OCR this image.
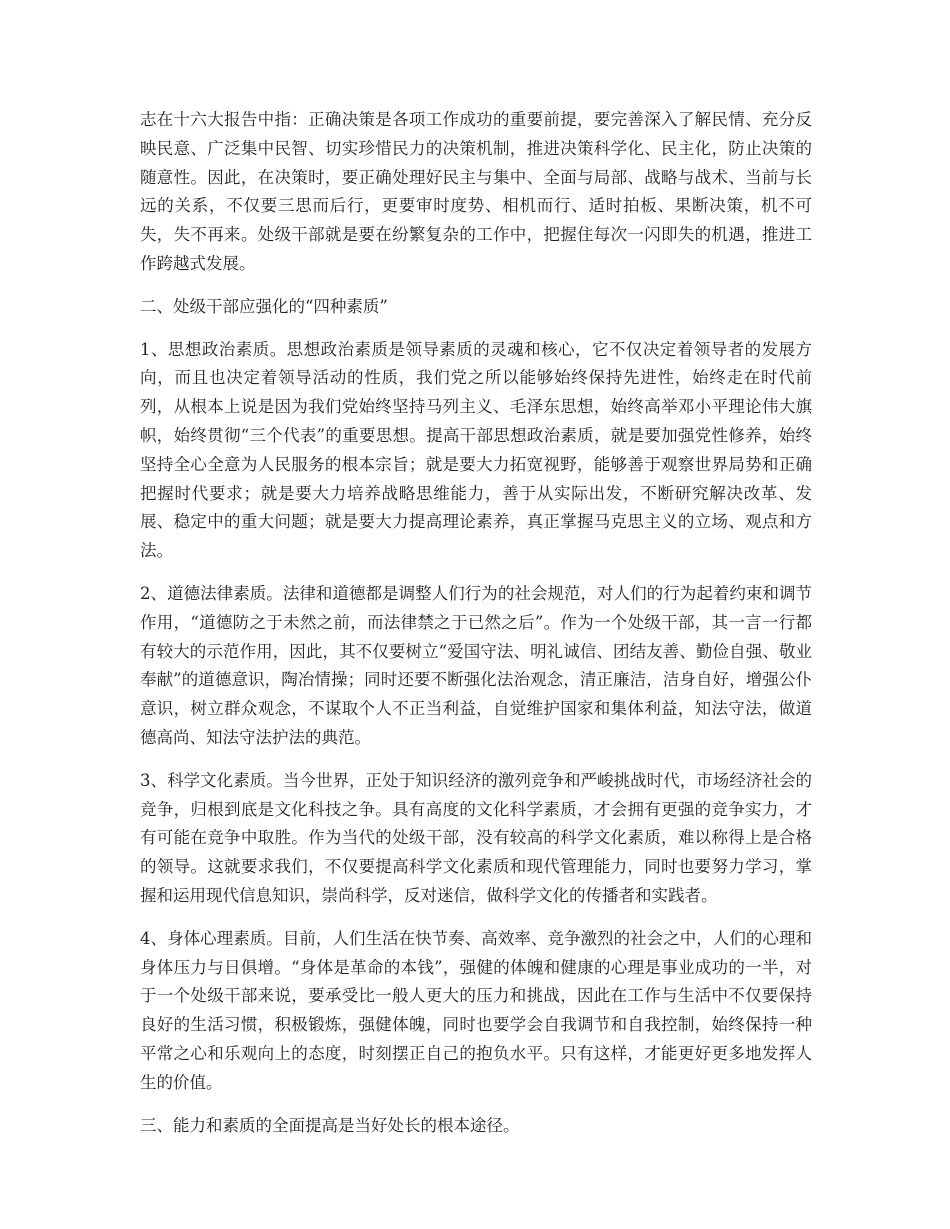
志在十六大报告中指：正确决策是各项工作成功的重要前提，要完善深入了解民情、充分反映民意、广泛集中民智、切实珍惜民力的决策机制，推进决策科学化、民主化，防止决策的随意性。因此，在决策时，要正确处理好民主与集中、全面与局部、战略与战术、当前与长远的关系，不仅要三思而后行，更要审时度势、相机而行、适时拍板、果断决策，机不可失，失不再来。处级干部就是要在纷繁复杂的工作中，把握住每次一闪即失的机遇，推进工作跨越式发展。

二、处级干部应强化的“四种素质”

1、思想政治素质。思想政治素质是领导素质的灵魂和核心，它不仅决定着领导者的发展方向，而且也决定着领导活动的性质，我们党之所以能够始终保持先进性，始终走在时代前列，从根本上说是因为我们党始终坚持马列主义、毛泽东思想，始终高举邓小平理论伟大旗帜，始终贯彻“三个代表”的重要思想。提高干部思想政治素质，就是要加强党性修养，始终坚持全心全意为人民服务的根本宗旨；就是要大力拓宽视野，能够善于观察世界局势和正确把握时代要求；就是要大力培养战略思维能力，善于从实际出发，不断研究解决改革、发展、稳定中的重大问题；就是要大力提高理论素养，真正掌握马克思主义的立场、观点和方法。

2、道德法律素质。法律和道德都是调整人们行为的社会规范，对人们的行为起着约束和调节作用，“道德防之于未然之前，而法律禁之于已然之后”。作为一个处级干部，其一言一行都有较大的示范作用，因此，其不仅要树立“爱国守法、明礼诚信、团结友善、勤俭自强、敬业奉献”的道德意识，陶冶情操；同时还要不断强化法治观念，清正廉洁，洁身自好，增强公仆意识，树立群众观念，不谋取个人不正当利益，自觉维护国家和集体利益，知法守法，做道德高尚、知法守法护法的典范。

3、科学文化素质。当今世界，正处于知识经济的激列竞争和严峻挑战时代，市场经济社会的竞争，归根到底是文化科技之争。具有高度的文化科学素质，才会拥有更强的竞争实力，才有可能在竞争中取胜。作为当代的处级干部，没有较高的科学文化素质，难以称得上是合格的领导。这就要求我们，不仅要提高科学文化素质和现代管理能力，同时也要努力学习，掌握和运用现代信息知识，崇尚科学，反对迷信，做科学文化的传播者和实践者。

4、身体心理素质。目前，人们生活在快节奏、高效率、竞争激烈的社会之中，人们的心理和身体压力与日俱增。“身体是革命的本钱”，强健的体魄和健康的心理是事业成功的一半，对于一个处级干部来说，要承受比一般人更大的压力和挑战，因此在工作与生活中不仅要保持良好的生活习惯，积极锻炼，强健体魄，同时也要学会自我调节和自我控制，始终保持一种平常之心和乐观向上的态度，时刻摆正自己的抱负水平。只有这样，才能更好更多地发挥人生的价值。

三、能力和素质的全面提高是当好处长的根本途径。
